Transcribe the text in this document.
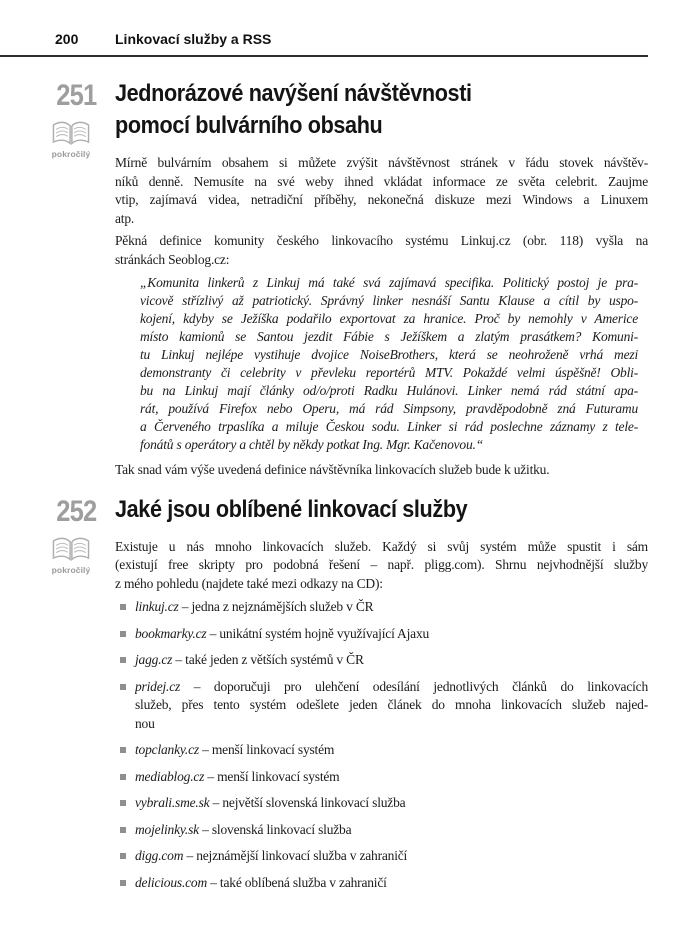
200	Linkovací služby a RSS
251
pokročilý
Jednorázové navýšení návštěvnosti
pomocí bulvárního obsahu
Mírně bulvárním obsahem si můžete zvýšit návštěvnost stránek v řádu stovek návštěv-
níků denně. Nemusíte na své weby ihned vkládat informace ze světa celebrit. Zaujme
vtip, zajímavá videa, netradiční příběhy, nekonečná diskuze mezi Windows a Linuxem
atp.
Pěkná definice komunity českého linkovacího systému Linkuj.cz (obr. 118) vyšla na
stránkách Seoblog.cz:
„Komunita linkerů z Linkuj má také svá zajímavá specifika. Politický postoj je pra-
vicově střízlivý až patriotický. Správný linker nesnáší Santu Klause a cítil by uspo-
kojení, kdyby se Ježíška podařilo exportovat za hranice. Proč by nemohly v Americe
místo kamionů se Santou jezdit Fábie s Ježíškem a zlatým prasátkem? Komuni-
tu Linkuj nejlépe vystihuje dvojice NoiseBrothers, která se neohroženě vrhá mezi
demonstranty či celebrity v převleku reportérů MTV. Pokaždé velmi úspěšně! Obli-
bu na Linkuj mají články od/o/proti Radku Hulánovi. Linker nemá rád státní apa-
rát, používá Firefox nebo Operu, má rád Simpsony, pravděpodobně zná Futuramu
a Červeného trpaslíka a miluje Českou sodu. Linker si rád poslechne záznamy z tele-
fonátů s operátory a chtěl by někdy potkat Ing. Mgr. Kačenovou.“

Tak snad vám výše uvedená definice návštěvníka linkovacích služeb bude k užitku.

252
pokročilý
Jaké jsou oblíbené linkovací služby
Existuje u nás mnoho linkovacích služeb. Každý si svůj systém může spustit i sám
(existují free skripty pro podobná řešení – např. pligg.com). Shrnu nejvhodnější služby
z mého pohledu (najdete také mezi odkazy na CD):
linkuj.cz – jedna z nejznámějších služeb v ČR
bookmarky.cz – unikátní systém hojně využívající Ajaxu
jagg.cz – také jeden z větších systémů v ČR
pridej.cz – doporučuji pro ulehčení odesílání jednotlivých článků do linkovacích
služeb, přes tento systém odešlete jeden článek do mnoha linkovacích služeb najed-
nou
topclanky.cz – menší linkovací systém
mediablog.cz – menší linkovací systém
vybrali.sme.sk – největší slovenská linkovací služba
mojelinky.sk – slovenská linkovací služba
digg.com – nejznámější linkovací služba v zahraničí
delicious.com – také oblíbená služba v zahraničí
